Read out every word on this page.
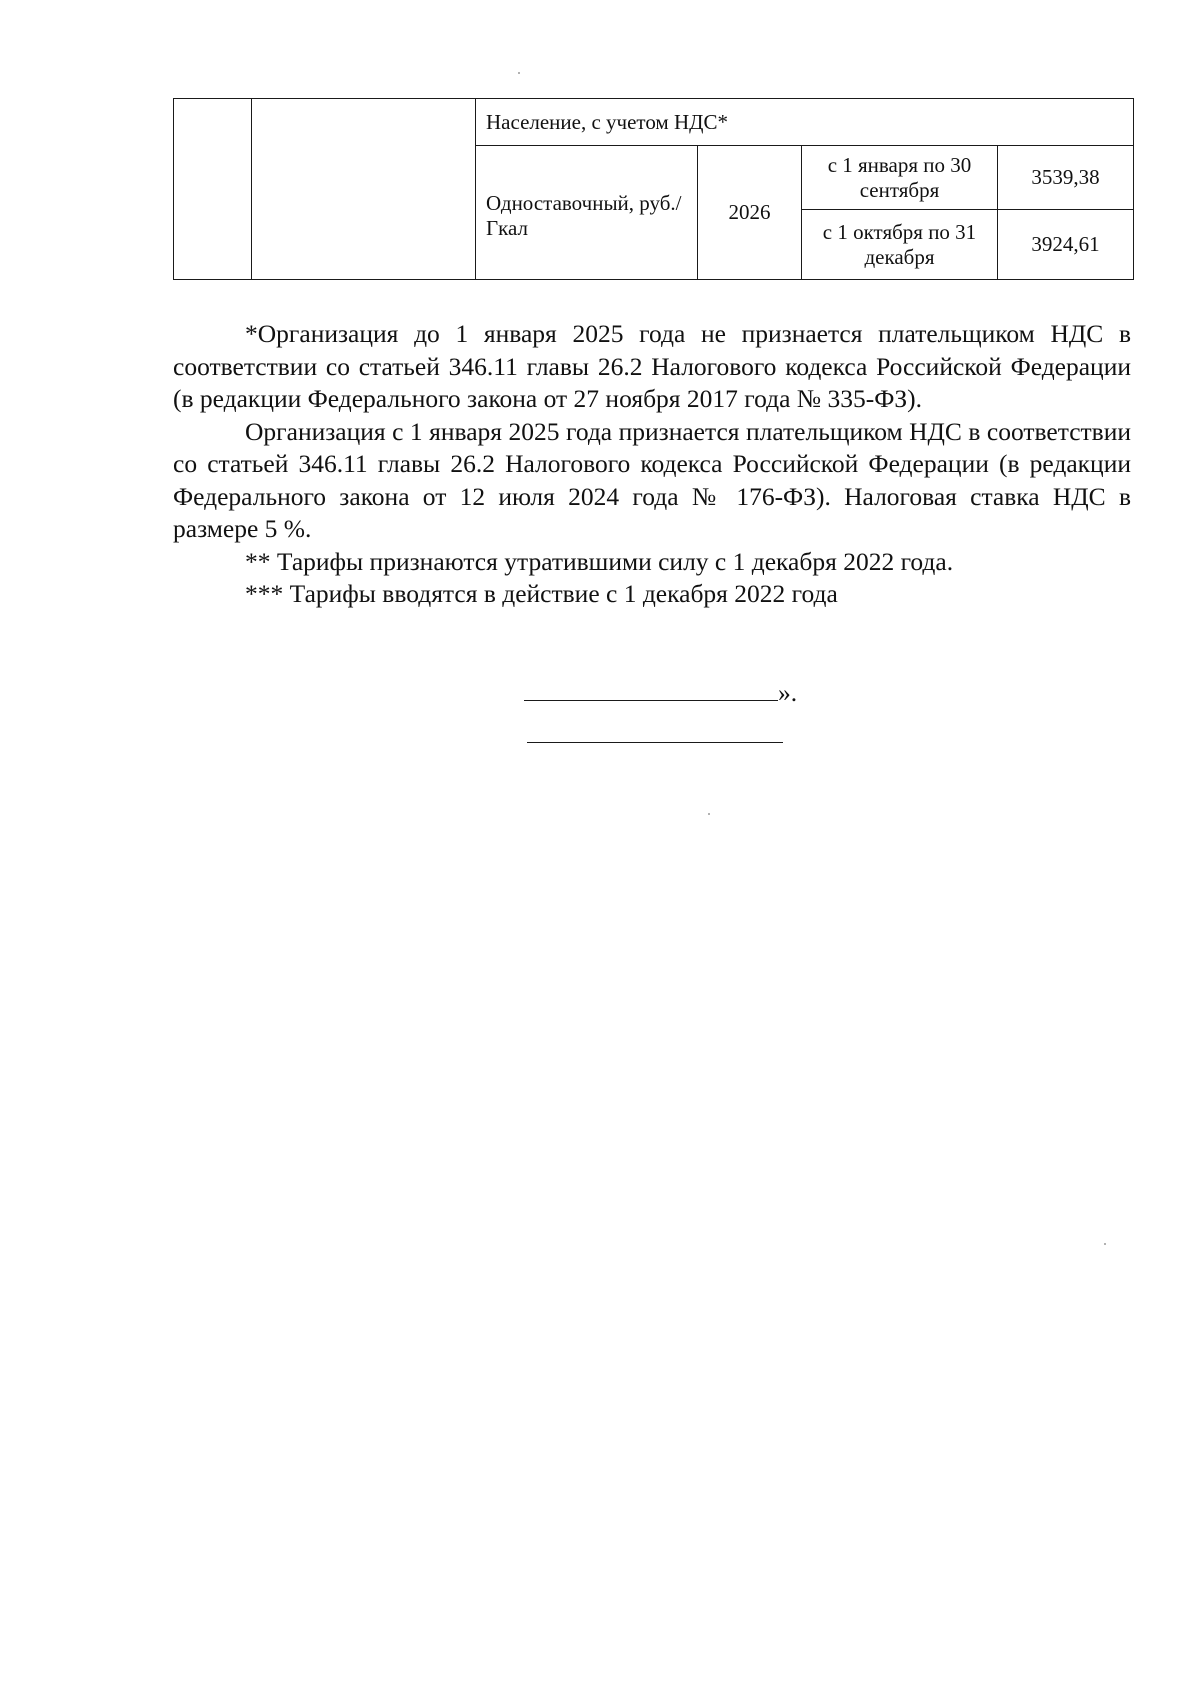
		Население, с учетом НДС*			
		Одноставочный, руб./Гкал	2026	с 1 января по 30 сентября	3539,38
				с 1 октября по 31 декабря	3924,61

*Организация до 1 января 2025 года не признается плательщиком НДС в соответствии со статьей 346.11 главы 26.2 Налогового кодекса Российской Федерации (в редакции Федерального закона от 27 ноября 2017 года № 335-ФЗ).

Организация с 1 января 2025 года признается плательщиком НДС в соответствии со статьей 346.11 главы 26.2 Налогового кодекса Российской Федерации (в редакции Федерального закона от 12 июля 2024 года № 176-ФЗ). Налоговая ставка НДС в размере 5 %.

** Тарифы признаются утратившими силу с 1 декабря 2022 года.

*** Тарифы вводятся в действие с 1 декабря 2022 года

».
